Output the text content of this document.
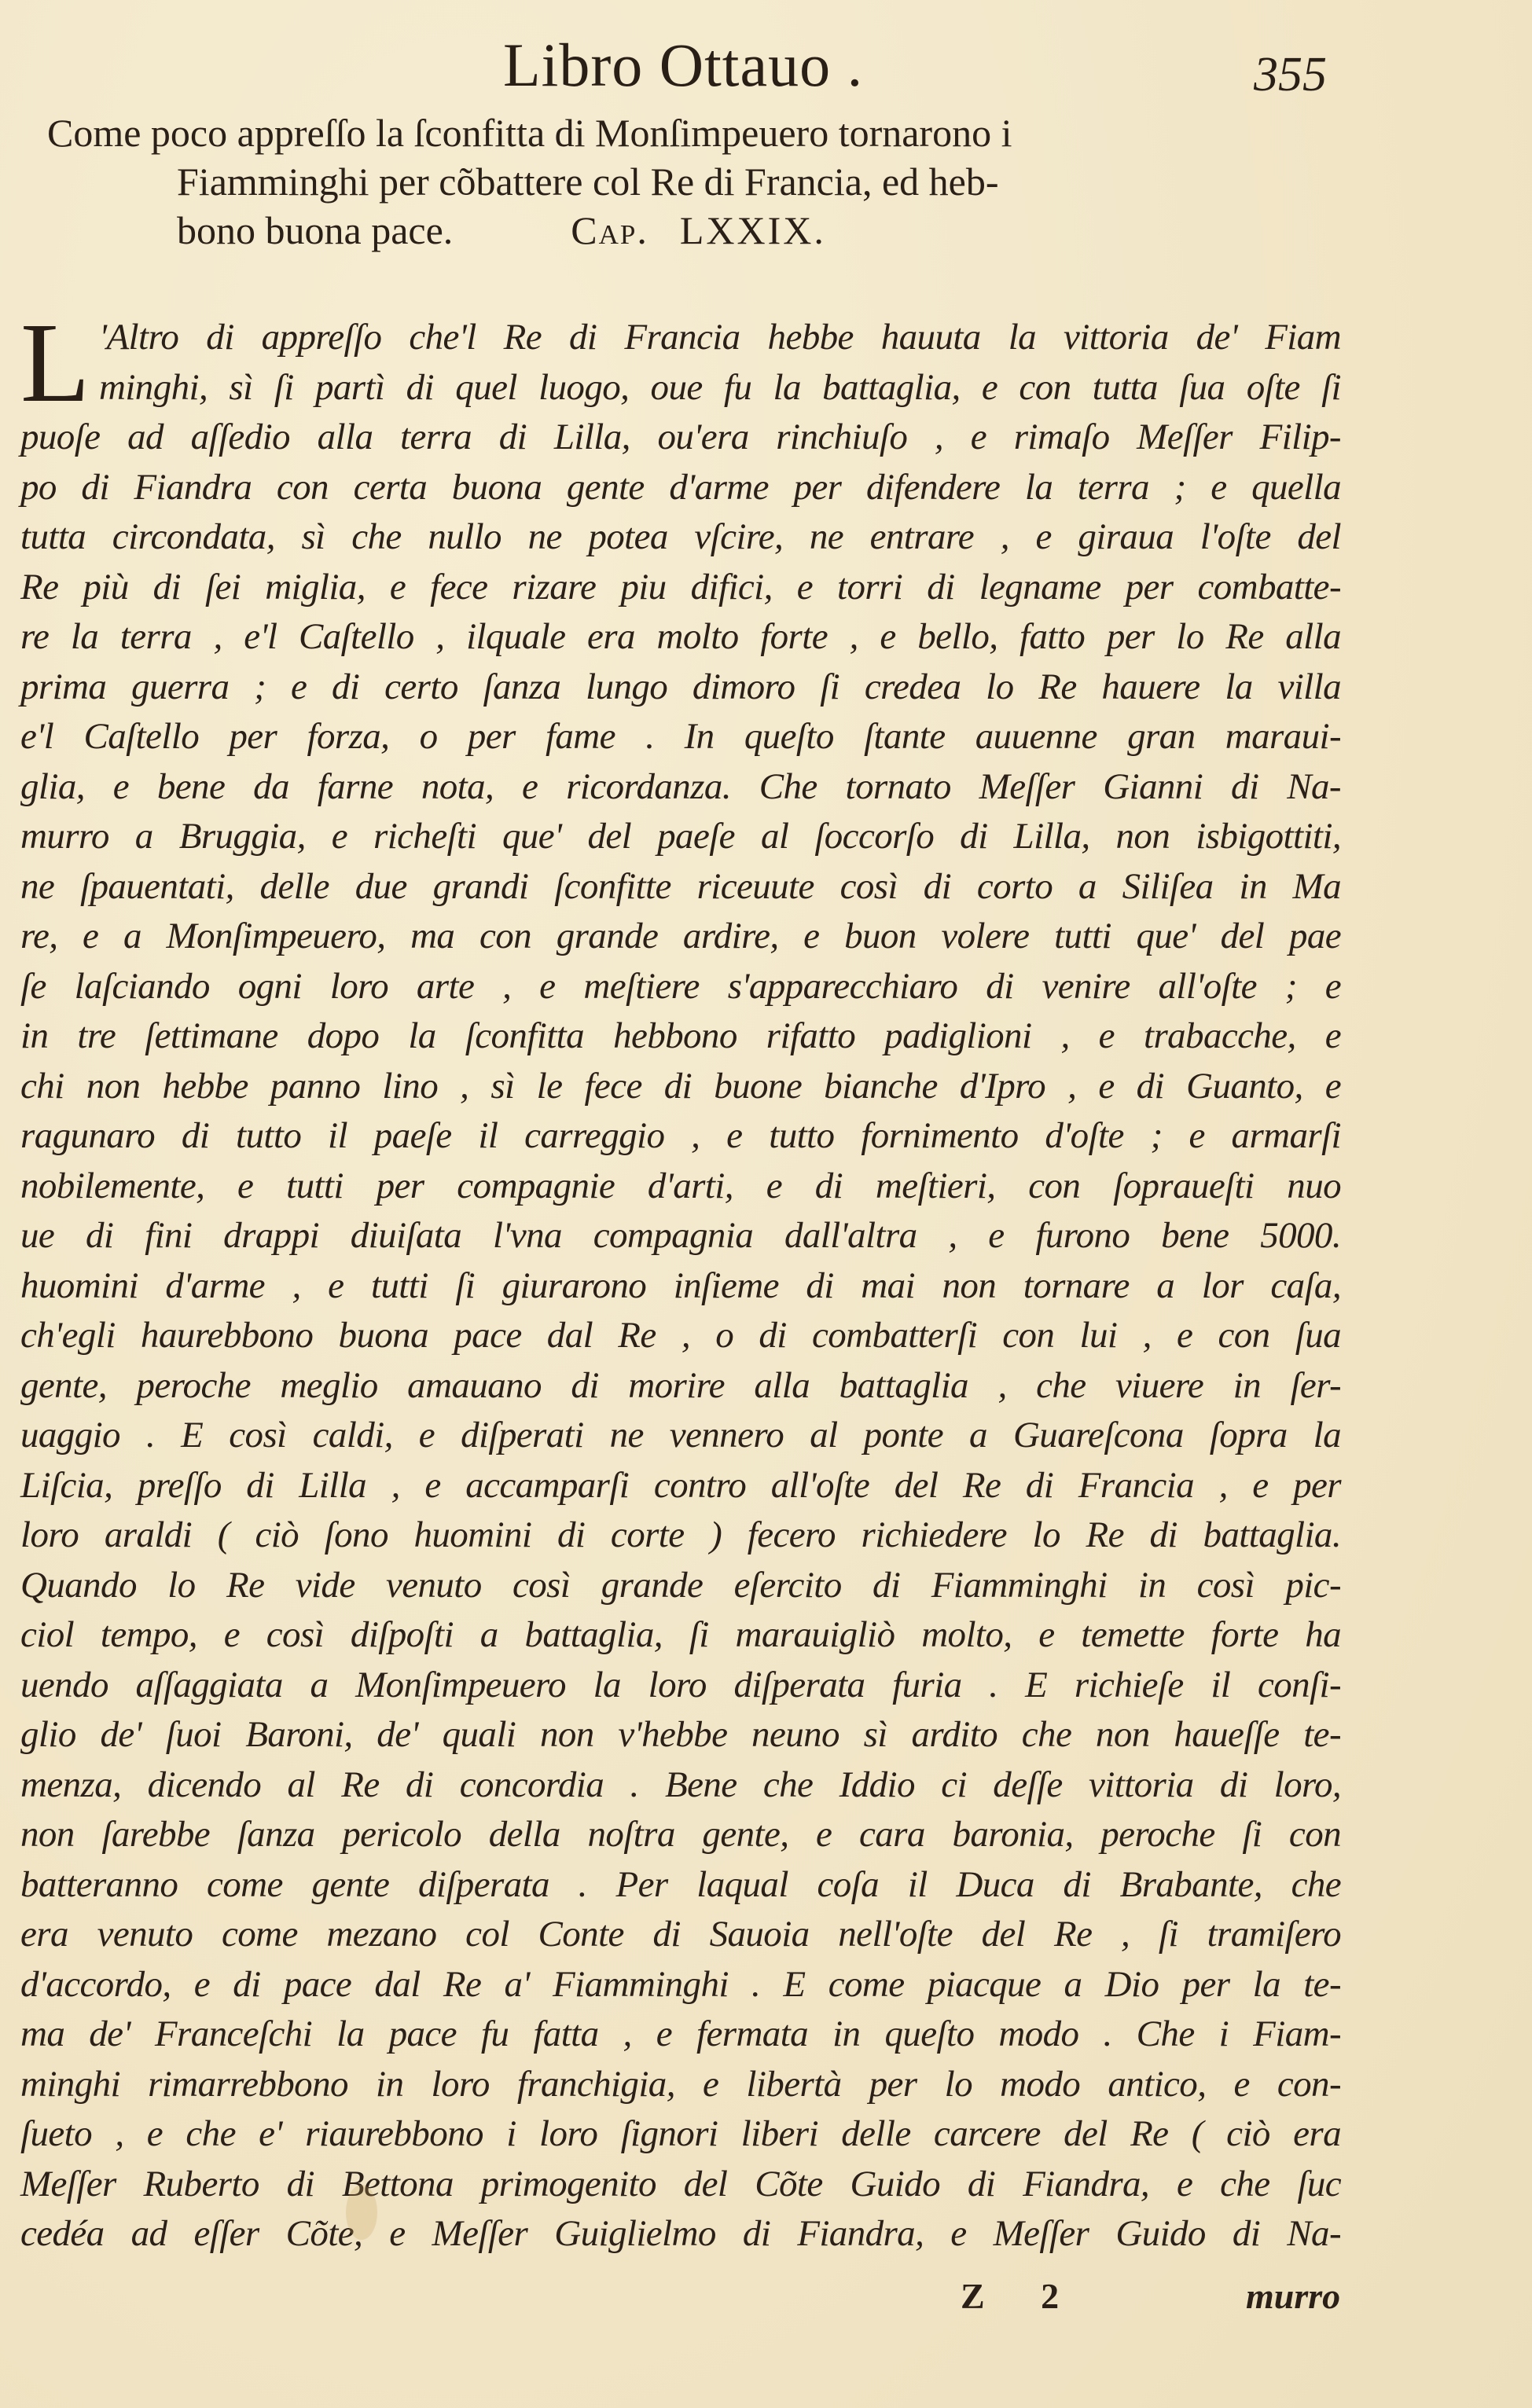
Libro Ottauo .	355
Come poco appreſſo la ſconfitta di Monſimpeuero tornarono i
Fiamminghi per cõbattere col Re di Francia, ed heb-
bono buona pace.	Cap. LXXIX.
L 'Altro di appreſſo che'l Re di Francia hebbe hauuta la vittoria de' Fiam
minghi, sì ſi partì di quel luogo, oue fu la battaglia, e con tutta ſua oſte ſi
puoſe ad aſſedio alla terra di Lilla, ou'era rinchiuſo , e rimaſo Meſſer Filip-
po di Fiandra con certa buona gente d'arme per difendere la terra ; e quella
tutta circondata, sì che nullo ne potea vſcire, ne entrare , e giraua l'oſte del
Re più di ſei miglia, e fece rizare piu difici, e torri di legname per combatte-
re la terra , e'l Caſtello , ilquale era molto forte , e bello, fatto per lo Re alla
prima guerra ; e di certo ſanza lungo dimoro ſi credea lo Re hauere la villa
e'l Caſtello per forza, o per fame . In queſto ſtante auuenne gran maraui-
glia, e bene da farne nota, e ricordanza. Che tornato Meſſer Gianni di Na-
murro a Bruggia, e richeſti que' del paeſe al ſoccorſo di Lilla, non isbigottiti,
ne ſpauentati, delle due grandi ſconfitte riceuute così di corto a Siliſea in Ma
re, e a Monſimpeuero, ma con grande ardire, e buon volere tutti que' del pae
ſe laſciando ogni loro arte , e meſtiere s'apparecchiaro di venire all'oſte ; e
in tre ſettimane dopo la ſconfitta hebbono rifatto padiglioni , e trabacche, e
chi non hebbe panno lino , sì le fece di buone bianche d'Ipro , e di Guanto, e
ragunaro di tutto il paeſe il carreggio , e tutto fornimento d'oſte ; e armarſi
nobilemente, e tutti per compagnie d'arti, e di meſtieri, con ſopraueſti nuo
ue di fini drappi diuiſata l'vna compagnia dall'altra , e furono bene 5000.
huomini d'arme , e tutti ſi giurarono inſieme di mai non tornare a lor caſa,
ch'egli haurebbono buona pace dal Re , o di combatterſi con lui , e con ſua
gente, peroche meglio amauano di morire alla battaglia , che viuere in ſer-
uaggio . E così caldi, e diſperati ne vennero al ponte a Guareſcona ſopra la
Liſcia, preſſo di Lilla , e accamparſi contro all'oſte del Re di Francia , e per
loro araldi ( ciò ſono huomini di corte ) fecero richiedere lo Re di battaglia.
Quando lo Re vide venuto così grande eſercito di Fiamminghi in così pic-
ciol tempo, e così diſpoſti a battaglia, ſi marauigliò molto, e temette forte ha
uendo aſſaggiata a Monſimpeuero la loro diſperata furia . E richieſe il conſi-
glio de' ſuoi Baroni, de' quali non v'hebbe neuno sì ardito che non haueſſe te-
menza, dicendo al Re di concordia . Bene che Iddio ci deſſe vittoria di loro,
non ſarebbe ſanza pericolo della noſtra gente, e cara baronia, peroche ſi con
batteranno come gente diſperata . Per laqual coſa il Duca di Brabante, che
era venuto come mezano col Conte di Sauoia nell'oſte del Re , ſi tramiſero
d'accordo, e di pace dal Re a' Fiamminghi . E come piacque a Dio per la te-
ma de' Franceſchi la pace fu fatta , e fermata in queſto modo . Che i Fiam-
minghi rimarrebbono in loro franchigia, e libertà per lo modo antico, e con-
ſueto , e che e' riaurebbono i loro ſignori liberi delle carcere del Re ( ciò era
Meſſer Ruberto di Bettona primogenito del Cõte Guido di Fiandra, e che ſuc
cedéa ad eſſer Cõte, e Meſſer Guiglielmo di Fiandra, e Meſſer Guido di Na-
Z 2	murro
